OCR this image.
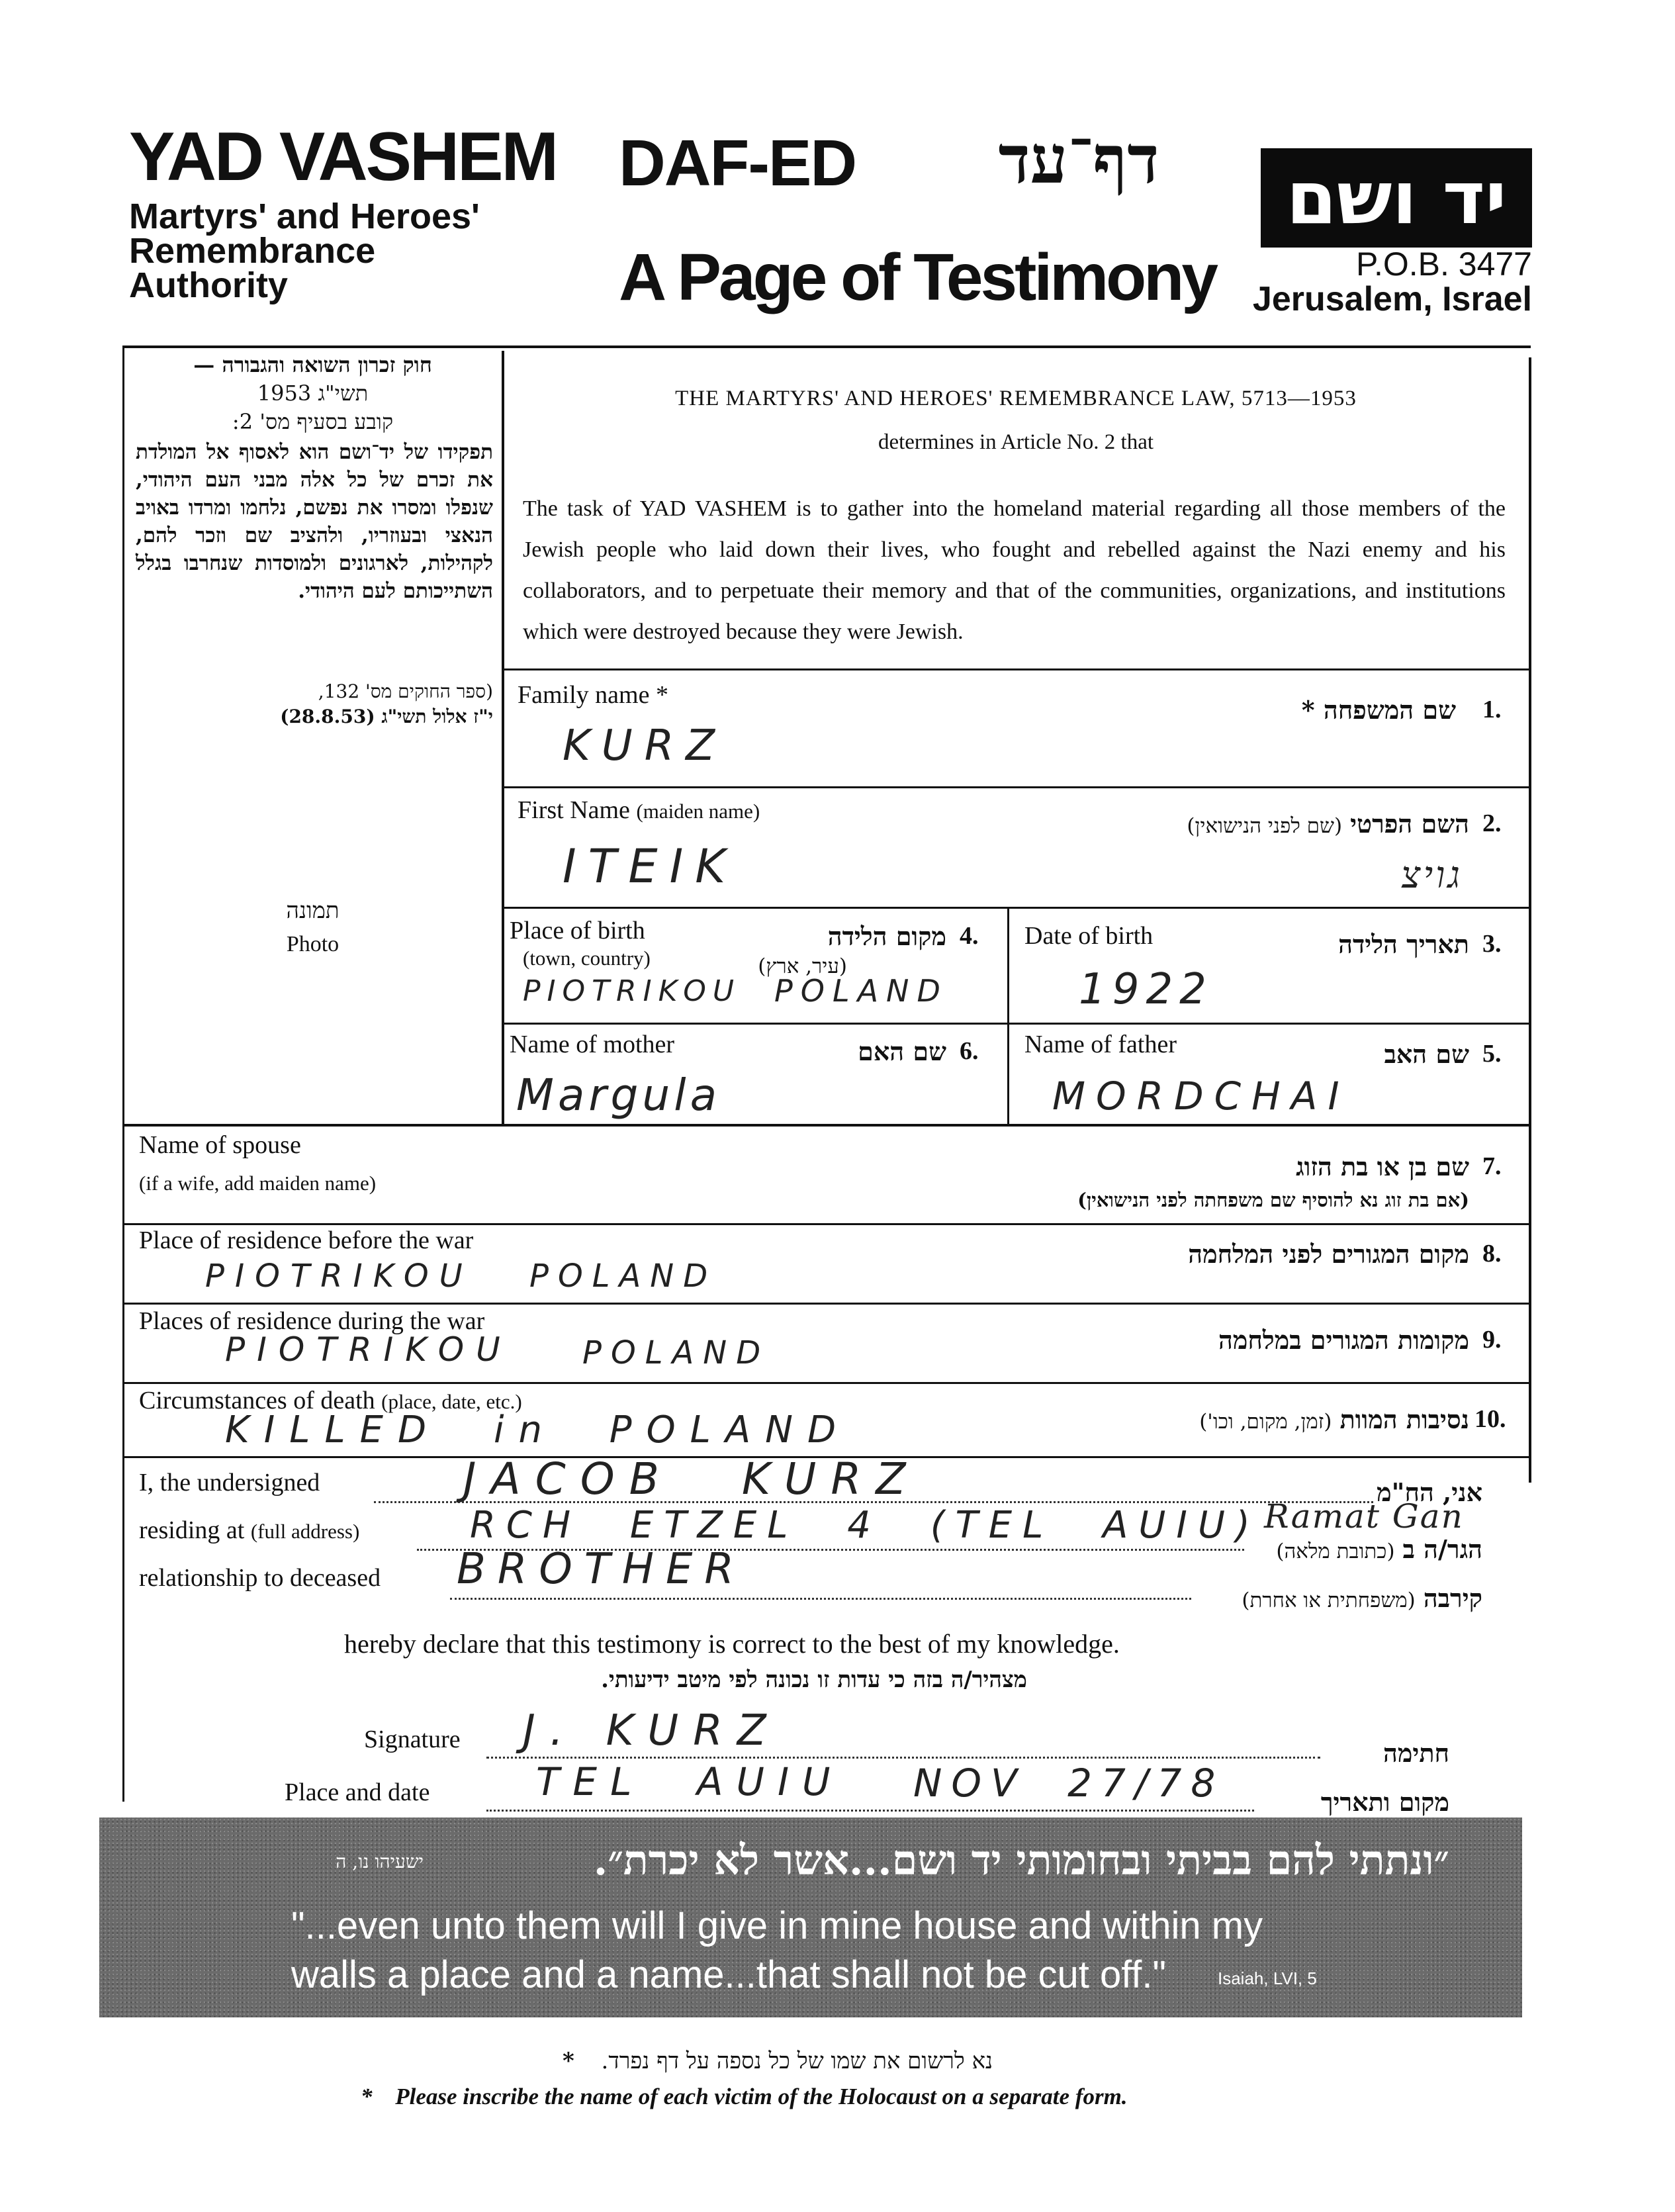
YAD VASHEM
Martyrs' and Heroes'
Remembrance
Authority
DAF-ED	דף־עד
A Page of Testimony
יד ושם
P.O.B. 3477
Jerusalem, Israel
חוק זכרון השואה והגבורה —
תשי"ג 1953
קובע בסעיף מס' 2:
תפקידו של יד־ושם הוא לאסוף אל המולדת את זכרם של כל אלה מבני העם היהודי, שנפלו ומסרו את נפשם, נלחמו ומרדו באויב הנאצי ובעוזריו, ולהציב שם וזכר להם, לקהילות, לארגונים ולמוסדות שנחרבו בגלל השתייכותם לעם היהודי.
(ספר החוקים מס' 132,
י"ז אלול תשי"ג (28.8.53)
תמונה
Photo
THE MARTYRS' AND HEROES' REMEMBRANCE LAW, 5713—1953
determines in Article No. 2 that
The task of YAD VASHEM is to gather into the homeland material regarding all those members of the Jewish people who laid down their lives, who fought and rebelled against the Nazi enemy and his collaborators, and to perpetuate their memory and that of the communities, organizations, and institutions which were destroyed because they were Jewish.
Family name *	שם המשפחה * 1.
KURZ
First Name (maiden name)	השם הפרטי (שם לפני הנישואין)	2.
ITEIK	גויצ
Place of birth
(town, country)
מקום הלידה
(עיר, ארץ)
4.
PIOTRIKOU POLAND
Date of birth	תאריך הלידה 3.
1922
Name of mother	שם האם 6.
Margula
Name of father	שם האב 5.
MORDCHAI
Name of spouse
(if a wife, add maiden name)
שם בן או בת הזוג
(אם בת זוג נא להוסיף שם משפחתה לפני הנישואין)
7.
Place of residence before the war	מקום המגורים לפני המלחמה 8.
PIOTRIKOU POLAND
Places of residence during the war
מקומות המגורים במלחמה 9.
PIOTRIKOU POLAND
Circumstances of death (place, date, etc.)
נסיבות המוות (זמן, מקום, וכו')	10.
KILLED in POLAND
I, the undersigned	JACOB KURZ	אני, הח"מ
residing at (full address)	RCH ETZEL 4 (TEL AUIU)
הגר/ה ב (כתובת מלאה)
Ramat Gan
relationship to deceased BROTHER
קירבה (משפחתית או אחרת)
hereby declare that this testimony is correct to the best of my knowledge.
מצהיר/ה בזה כי עדות זו נכונה לפי מיטב ידיעותי.
Signature J. KURZ	חתימה
Place and date	TEL AUIU NOV 27/78	מקום ותאריך
״ונתתי להם בביתי ובחומותי יד ושם...אשר לא יכרת״.
ישעיהו נו, ה
"...even unto them will I give in mine house and within my
walls a place and a name...that shall not be cut off."	Isaiah, LVI, 5
נא לרשום את שמו של כל נספה על דף נפרד. *
* Please inscribe the name of each victim of the Holocaust on a separate form.
